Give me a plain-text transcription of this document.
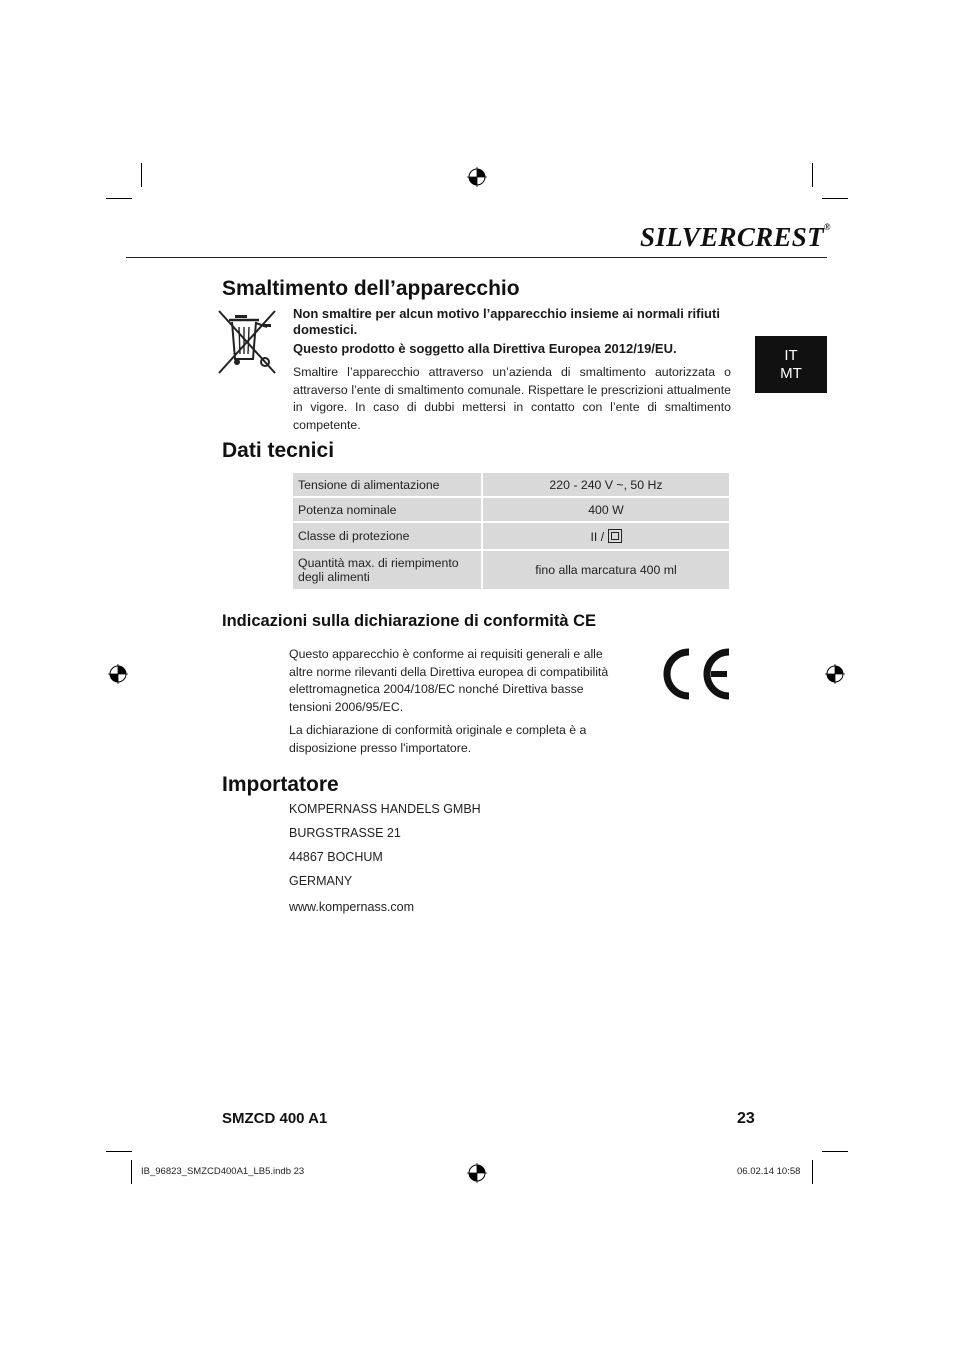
SILVERCREST®
IT
MT
Smaltimento dell’apparecchio

Non smaltire per alcun motivo l’apparecchio insieme ai normali rifiuti domestici.

Questo prodotto è soggetto alla Direttiva Europea 2012/19/EU.

Smaltire l’apparecchio attraverso un’azienda di smaltimento autorizzata o attraverso l’ente di smaltimento comunale. Rispettare le prescrizioni attualmente in vigore. In caso di dubbi mettersi in contatto con l’ente di smaltimento competente.

Dati tecnici
Tensione di alimentazione	220 - 240 V ~, 50 Hz
Potenza nominale	400 W
Classe di protezione	II /
Quantità max. di riempimento degli alimenti	fino alla marcatura 400 ml
Indicazioni sulla dichiarazione di conformità CE

Questo apparecchio è conforme ai requisiti generali e alle altre norme rilevanti della Direttiva europea di compatibilità elettromagnetica 2004/108/EC nonché Direttiva basse tensioni 2006/95/EC.

La dichiarazione di conformità originale e completa è a disposizione presso l'importatore.

Importatore

KOMPERNASS HANDELS GMBH

BURGSTRASSE 21

44867 BOCHUM

GERMANY

www.kompernass.com

SMZCD 400 A1	23
IB_96823_SMZCD400A1_LB5.indb 23	06.02.14 10:58
